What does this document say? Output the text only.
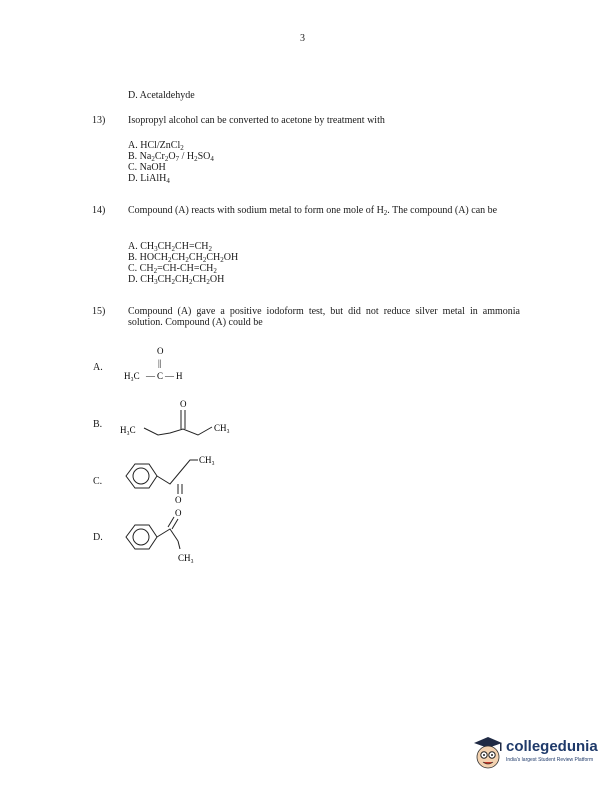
3
D. Acetaldehyde
13) Isopropyl alcohol can be converted to acetone by treatment with
A. HCl/ZnCl$_2$
B. $Na_2Cr_2O_7 / H_2SO_4$
C. NaOH
D. LiAlH$_4$
14) Compound (A) reacts with sodium metal to form one mole of $H_2$. The compound (A) can be
A. $CH_3CH_2CH=CH_2$
B. $HOCH_2CH_2CH_2CH_2OH$
C. $CH_2=CH-CH=CH_2$
D. $CH_3CH_2CH_2CH_2OH$
15) Compound (A) gave a positive iodoform test, but did not reduce silver metal in ammonia solution. Compound (A) could be
A.
B.
C.
D.
O
||
H₃C — C — H
O
H₃C	CH₃
O
CH₃
O
CH₃
collegedunia
India's largest Student Review Platform
